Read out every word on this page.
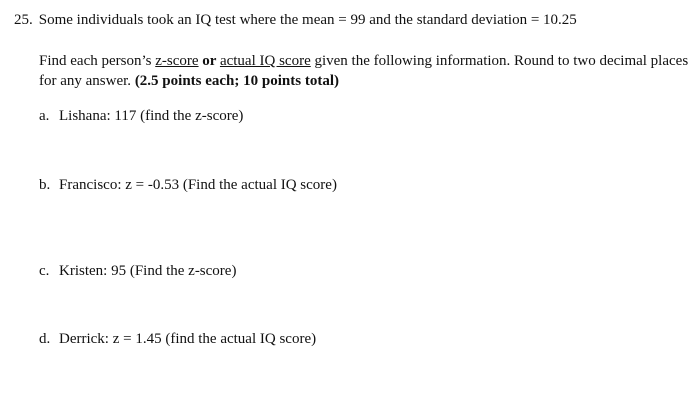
25. Some individuals took an IQ test where the mean = 99 and the standard deviation = 10.25
Find each person’s z-score or actual IQ score given the following information. Round to two decimal places for any answer. (2.5 points each; 10 points total)
a. Lishana: 117 (find the z-score)
b. Francisco: z = -0.53 (Find the actual IQ score)
c. Kristen: 95 (Find the z-score)
d. Derrick: z = 1.45 (find the actual IQ score)
